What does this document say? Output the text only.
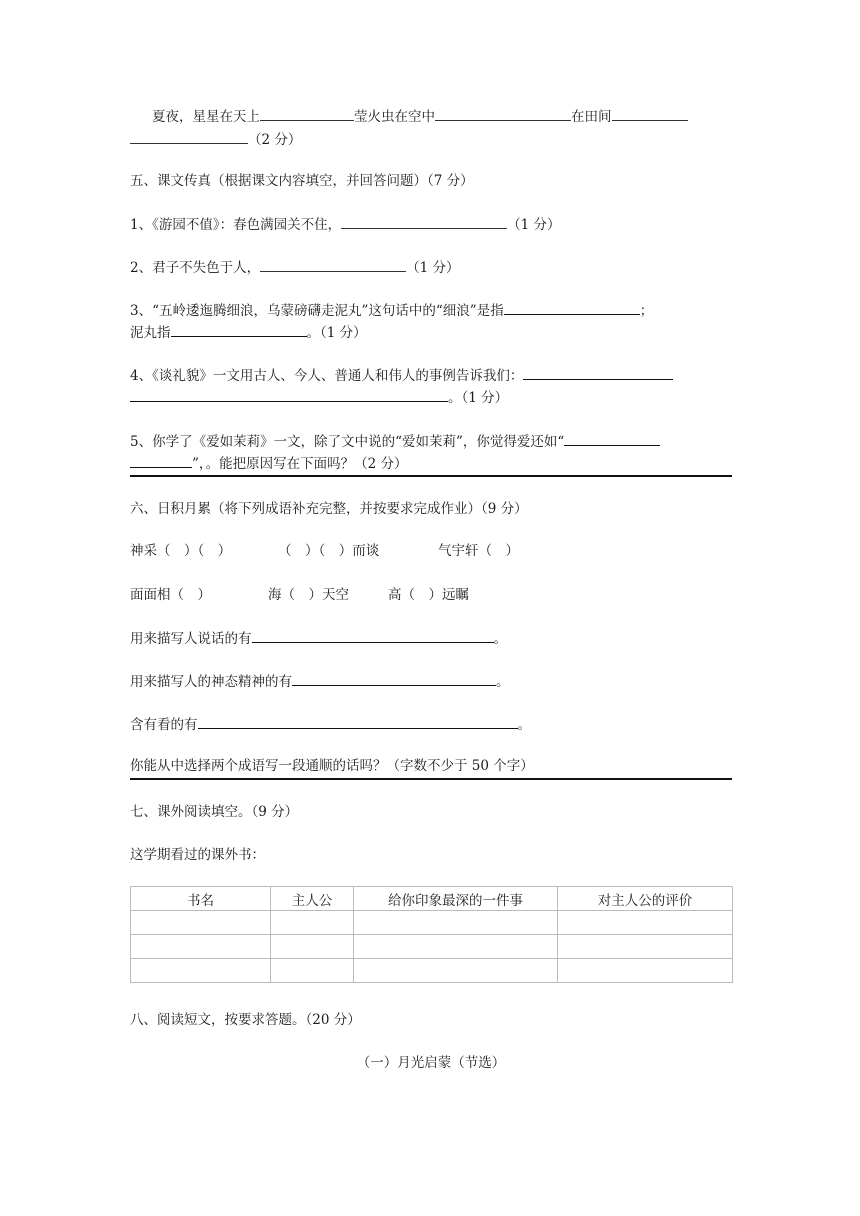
夏夜，星星在天上	莹火虫在空中	在田间
（2 分）
五、课文传真（根据课文内容填空，并回答问题）（7 分）
1、《游园不值》：春色满园关不住，	（1 分）
2、君子不失色于人，	（1 分）
3、“五岭逶迤腾细浪，乌蒙磅礴走泥丸”这句话中的“细浪”是指	；
泥丸指	。（1 分）
4、《谈礼貌》一文用古人、今人、普通人和伟人的事例告诉我们：
。（1 分）
5、你学了《爱如茉莉》一文，除了文中说的“爱如茉莉”，你觉得爱还如“
”，。能把原因写在下面吗？（2 分）
六、日积月累（将下列成语补充完整，并按要求完成作业）（9 分）
神采（　）（　）	（　）（　）而谈	气宇轩（　）
面面相（　）	海（　）天空	高（　）远瞩
用来描写人说话的有	。
用来描写人的神态精神的有	。
含有看的有	。
你能从中选择两个成语写一段通顺的话吗？（字数不少于 50 个字）
七、课外阅读填空。（9 分）
这学期看过的课外书：
书名	主人公	给你印象最深的一件事	对主人公的评价

八、阅读短文，按要求答题。（20 分）
（一）月光启蒙（节选）
